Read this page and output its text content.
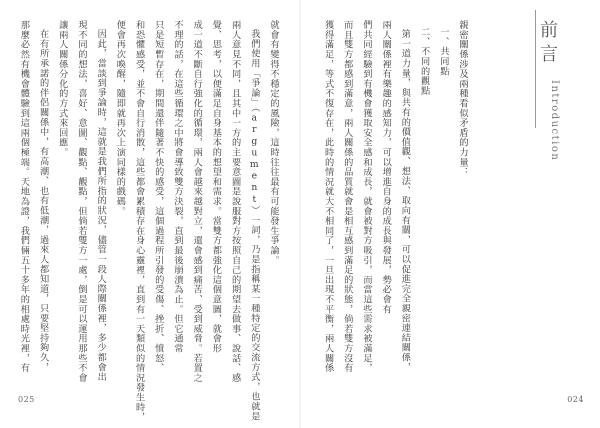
就會有變得不穩定的風險，這時往往最有可能發生爭論。

我們使用「爭論」（argument）一詞，乃是指稱某一種特定的交流方式，也就是

兩人意見不同，且其中一方的主要意圖是說服對方按照自己的期望去做事、說話、感

覺、思考，以便滿足自身基本的想望和需求。當雙方都強化這個意圖，就會形

成一道不斷自行強化的循環，兩人會越來越對立，還會感到痛苦、受到威脅。若置之

不理的話，在這些循環之中將會導致雙方決裂，直到最後崩潰為止。但它通常

只是短暫存在，期間還伴隨著不快的感受，這個過程所引發的受傷、挫折、憤怒、

和恐懼感受，並不會自行消散，這些都會累積存在身心靈裡，直到有一天類似的情況發生時，

便會再次喚醒，隨即就再次上演同樣的戲碼。

因此，當談到爭論時，這就是我們所指的狀況，儘管一段人際關係裡，多少都會出

現不同的想法，喜好、意圖、觀點、觀點，但倘若雙方一處，倒是可以運用那些不會

讓兩人關係分化的方式來回應。

在有所承諾的伴侶關係中，有高潮、也有低潮，過來人都知道，只要堅持夠久，

那麼必然有機會體驗到這兩個極端。天地為證，我們倆五十多年的相處時光裡，有

025
前言
Introduction

親密關係涉及兩種看似矛盾的力量：

一、共同點

二、不同的觀點

第一道力量，與共有的價值觀、想法、取向有關，可以促進完全親密連結關係，

兩人關係裡有樂趣的感知力，可以增進自身的成長與發展，勢必會有

們共同經驗到有機會獲取安全感和成長，就會被對方吸引，而當這些需求被滿足，

而且雙方都感到滿意，兩人關係的品質就會是相互感到滿足的狀態，倘若雙方沒有

獲得滿足，等式不復存在，此時的情況就大不相同了，一旦出現不平衡，兩人關係

024
